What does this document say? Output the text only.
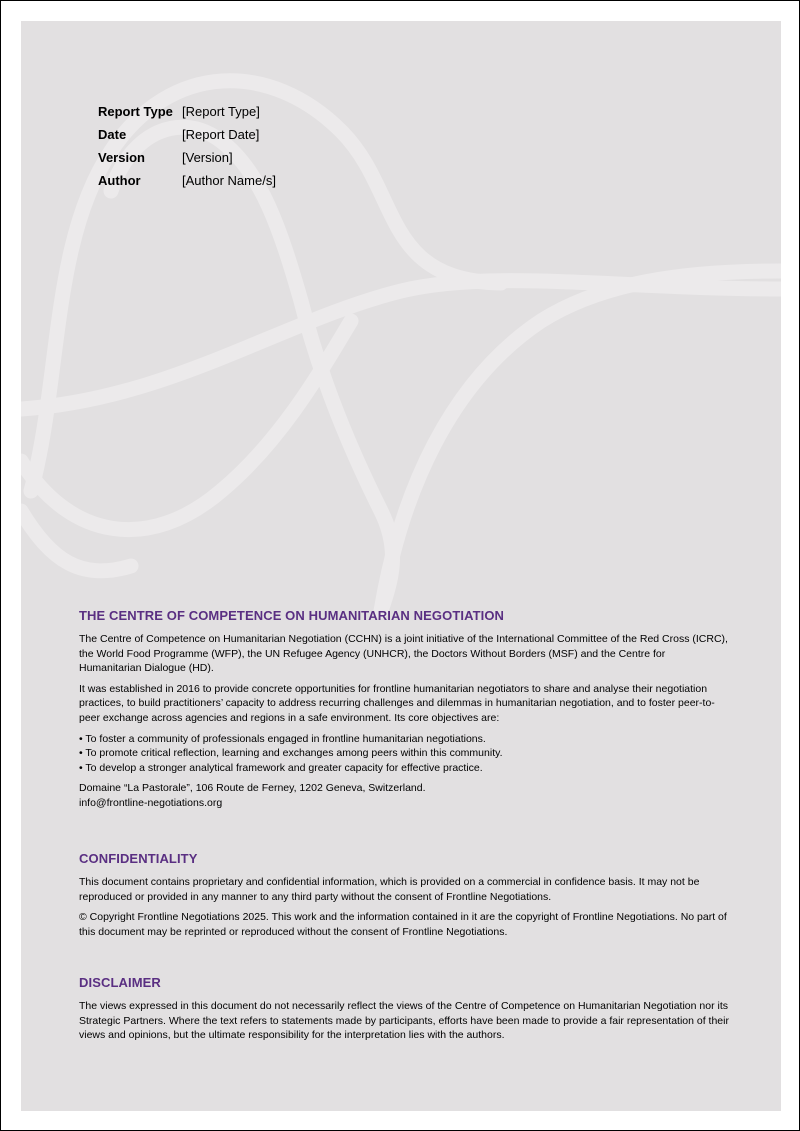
Report Type	[Report Type]
Date	[Report Date]
Version	[Version]
Author	[Author Name/s]
THE CENTRE OF COMPETENCE ON HUMANITARIAN NEGOTIATION

The Centre of Competence on Humanitarian Negotiation (CCHN) is a joint initiative of the International Committee of the Red Cross (ICRC), the World Food Programme (WFP), the UN Refugee Agency (UNHCR), the Doctors Without Borders (MSF) and the Centre for Humanitarian Dialogue (HD).

It was established in 2016 to provide concrete opportunities for frontline humanitarian negotiators to share and analyse their negotiation practices, to build practitioners’ capacity to address recurring challenges and dilemmas in humanitarian negotiation, and to foster peer-to-peer exchange across agencies and regions in a safe environment. Its core objectives are:

• To foster a community of professionals engaged in frontline humanitarian negotiations.
• To promote critical reflection, learning and exchanges among peers within this community.
• To develop a stronger analytical framework and greater capacity for effective practice.

Domaine “La Pastorale”, 106 Route de Ferney, 1202 Geneva, Switzerland.

info@frontline-negotiations.org

CONFIDENTIALITY

This document contains proprietary and confidential information, which is provided on a commercial in confidence basis. It may not be reproduced or provided in any manner to any third party without the consent of Frontline Negotiations.

© Copyright Frontline Negotiations 2025. This work and the information contained in it are the copyright of Frontline Negotiations. No part of this document may be reprinted or reproduced without the consent of Frontline Negotiations.

DISCLAIMER

The views expressed in this document do not necessarily reflect the views of the Centre of Competence on Humanitarian Negotiation nor its Strategic Partners. Where the text refers to statements made by participants, efforts have been made to provide a fair representation of their views and opinions, but the ultimate responsibility for the interpretation lies with the authors.
